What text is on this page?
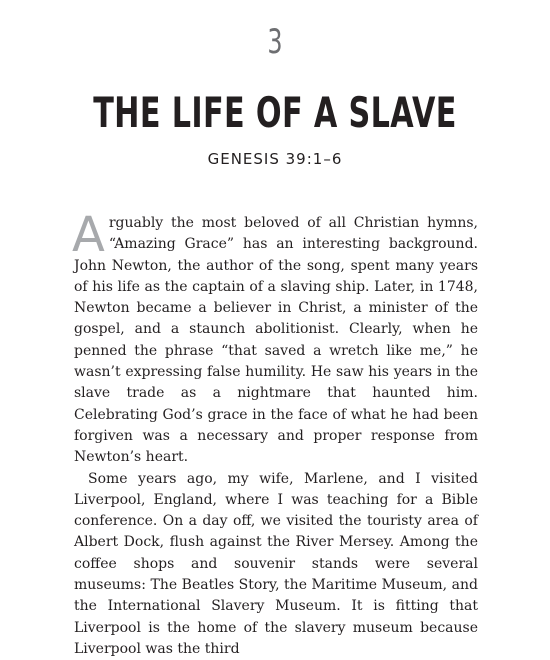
3
THE LIFE OF A SLAVE
GENESIS 39:1–6

Arguably the most beloved of all Christian hymns, “Amazing Grace” has an interesting background. John Newton, the author of the song, spent many years of his life as the captain of a slaving ship. Later, in 1748, Newton became a believer in Christ, a minister of the gospel, and a staunch abolitionist. Clearly, when he penned the phrase “that saved a wretch like me,” he wasn’t expressing false humility. He saw his years in the slave trade as a nightmare that haunted him. Celebrating God’s grace in the face of what he had been forgiven was a necessary and proper response from Newton’s heart.

Some years ago, my wife, Marlene, and I visited Liverpool, England, where I was teaching for a Bible conference. On a day off, we visited the touristy area of Albert Dock, flush against the River Mersey. Among the coffee shops and souvenir stands were several museums: The Beatles Story, the Maritime Museum, and the International Slavery Museum. It is fitting that Liverpool is the home of the slavery museum because Liverpool was the third
